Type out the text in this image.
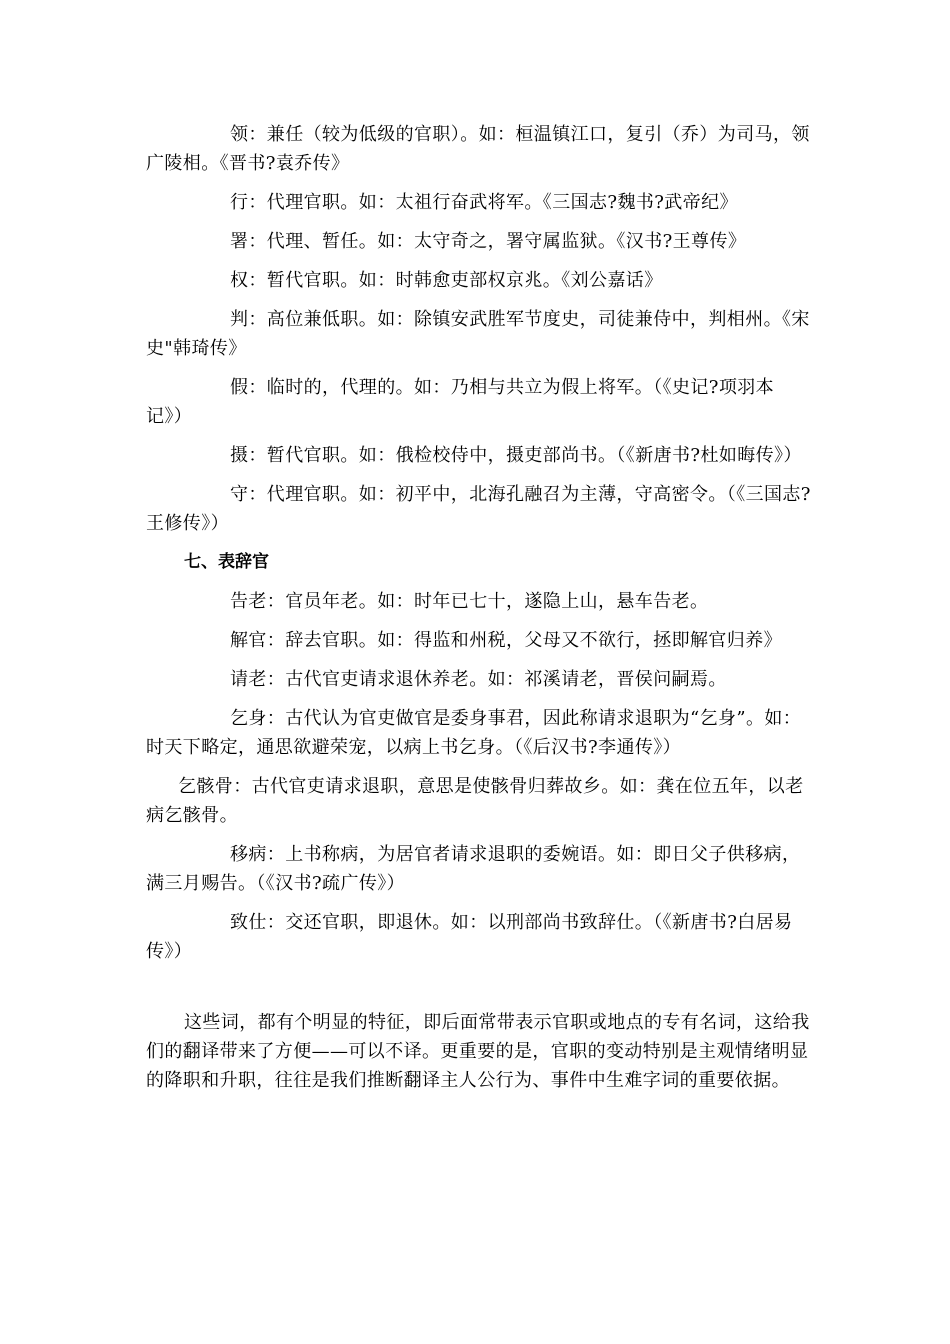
领：兼任（较为低级的官职）。如：桓温镇江口，复引（乔）为司马，领广陵相。《晋书?袁乔传》

行：代理官职。如：太祖行奋武将军。《三国志?魏书?武帝纪》

署：代理、暂任。如：太守奇之，署守属监狱。《汉书?王尊传》

权：暂代官职。如：时韩愈吏部权京兆。《刘公嘉话》

判：高位兼低职。如：除镇安武胜军节度史，司徒兼侍中，判相州。《宋史"韩琦传》

假：临时的，代理的。如：乃相与共立为假上将军。（《史记?项羽本记》）

摄：暂代官职。如：俄检校侍中，摄吏部尚书。（《新唐书?杜如晦传》）

守：代理官职。如：初平中，北海孔融召为主薄，守高密令。（《三国志?王修传》）

七、表辞官

告老：官员年老。如：时年已七十，遂隐上山，悬车告老。

解官：辞去官职。如：得监和州税，父母又不欲行，拯即解官归养》

请老：古代官吏请求退休养老。如：祁溪请老，晋侯问嗣焉。

乞身：古代认为官吏做官是委身事君，因此称请求退职为“乞身”。如：时天下略定，通思欲避荣宠，以病上书乞身。（《后汉书?李通传》）

乞骸骨：古代官吏请求退职，意思是使骸骨归葬故乡。如：龚在位五年，以老病乞骸骨。

移病：上书称病，为居官者请求退职的委婉语。如：即日父子供移病，满三月赐告。（《汉书?疏广传》）

致仕：交还官职，即退休。如：以刑部尚书致辞仕。（《新唐书?白居易传》）

这些词，都有个明显的特征，即后面常带表示官职或地点的专有名词，这给我们的翻译带来了方便——可以不译。更重要的是，官职的变动特别是主观情绪明显的降职和升职，往往是我们推断翻译主人公行为、事件中生难字词的重要依据。
